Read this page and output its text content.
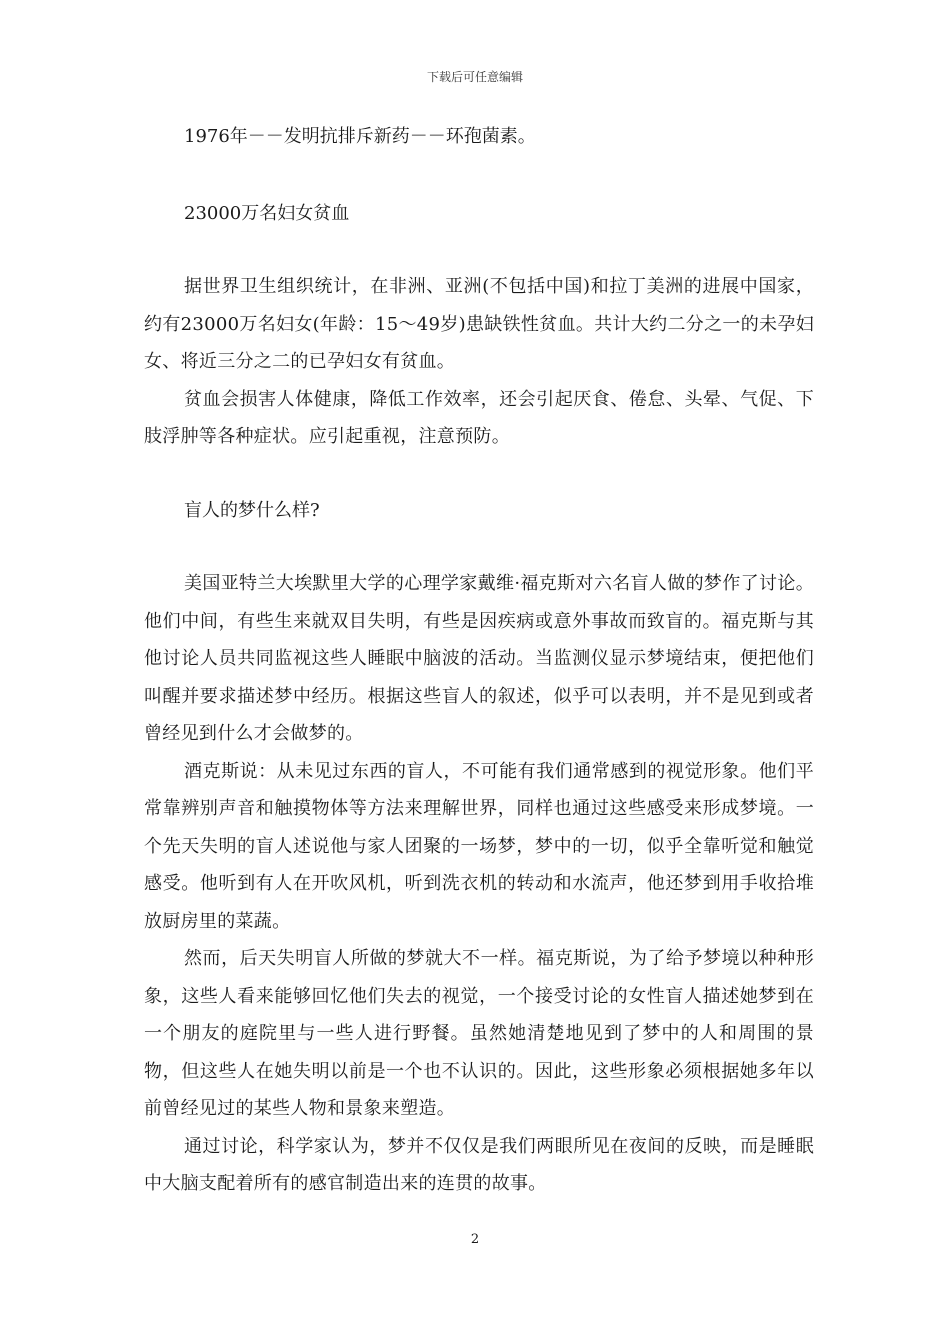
下载后可任意编辑
1976年－－发明抗排斥新药－－环孢菌素。
23000万名妇女贫血

据世界卫生组织统计，在非洲、亚洲(不包括中国)和拉丁美洲的进展中国家，约有23000万名妇女(年龄：15～49岁)患缺铁性贫血。共计大约二分之一的未孕妇女、将近三分之二的已孕妇女有贫血。

贫血会损害人体健康，降低工作效率，还会引起厌食、倦怠、头晕、气促、下肢浮肿等各种症状。应引起重视，注意预防。

盲人的梦什么样?

美国亚特兰大埃默里大学的心理学家戴维·福克斯对六名盲人做的梦作了讨论。他们中间，有些生来就双目失明，有些是因疾病或意外事故而致盲的。福克斯与其他讨论人员共同监视这些人睡眠中脑波的活动。当监测仪显示梦境结束，便把他们叫醒并要求描述梦中经历。根据这些盲人的叙述，似乎可以表明，并不是见到或者曾经见到什么才会做梦的。

酒克斯说：从未见过东西的盲人，不可能有我们通常感到的视觉形象。他们平常靠辨别声音和触摸物体等方法来理解世界，同样也通过这些感受来形成梦境。一个先天失明的盲人述说他与家人团聚的一场梦，梦中的一切，似乎全靠听觉和触觉感受。他听到有人在开吹风机，听到洗衣机的转动和水流声，他还梦到用手收拾堆放厨房里的菜蔬。

然而，后天失明盲人所做的梦就大不一样。福克斯说，为了给予梦境以种种形象，这些人看来能够回忆他们失去的视觉，一个接受讨论的女性盲人描述她梦到在一个朋友的庭院里与一些人进行野餐。虽然她清楚地见到了梦中的人和周围的景物，但这些人在她失明以前是一个也不认识的。因此，这些形象必须根据她多年以前曾经见过的某些人物和景象来塑造。

通过讨论，科学家认为，梦并不仅仅是我们两眼所见在夜间的反映，而是睡眠中大脑支配着所有的感官制造出来的连贯的故事。

2
